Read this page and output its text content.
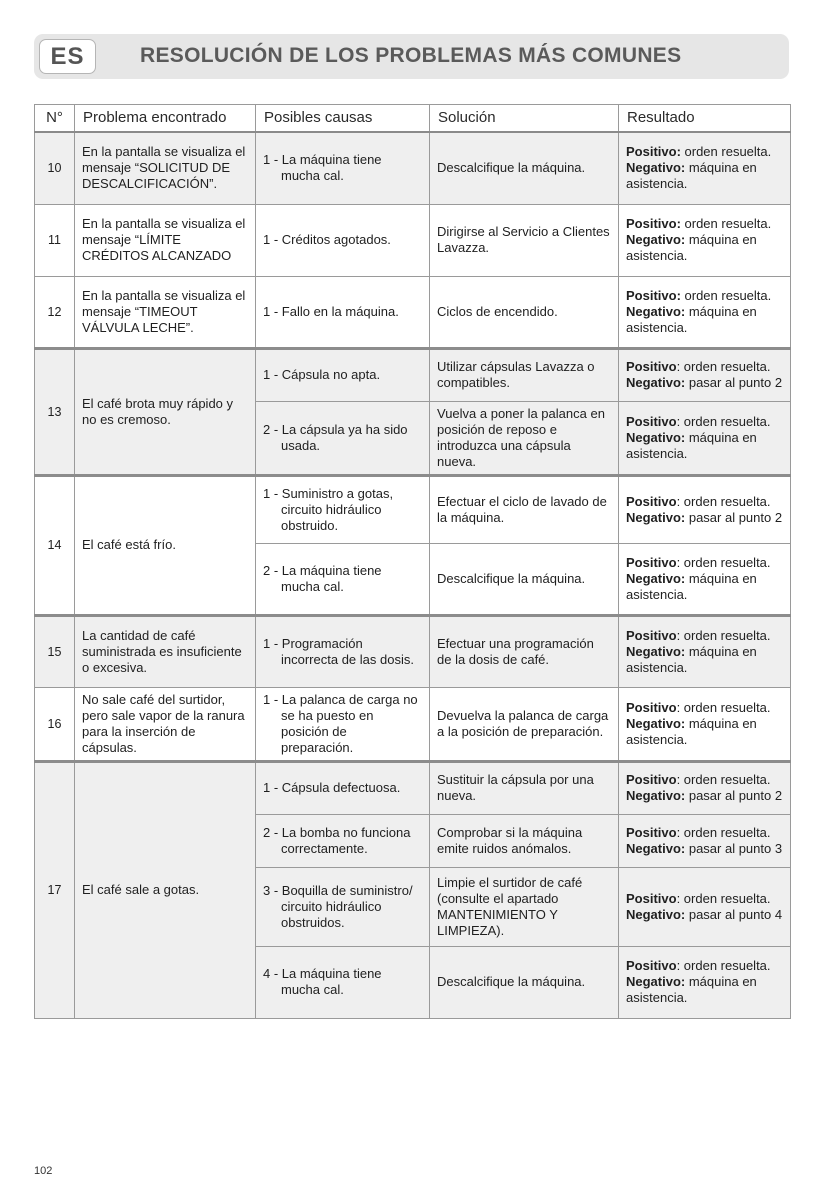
ES	RESOLUCIÓN DE LOS PROBLEMAS MÁS COMUNES
N°	Problema encontrado	Posibles causas	Solución	Resultado
10	En la pantalla se visualiza el mensaje “SOLICITUD DE DESCALCIFICACIÓN”.	1 - La máquina tiene mucha cal.	Descalcifique la máquina.	Positivo: orden resuelta.
Negativo: máquina en asistencia.

11	En la pantalla se visualiza el mensaje “LÍMITE CRÉDITOS ALCANZADO	1 - Créditos agotados.	Dirigirse al Servicio a Clientes Lavazza.	Positivo: orden resuelta.
Negativo: máquina en asistencia.

12	En la pantalla se visualiza el mensaje “TIMEOUT VÁLVULA LECHE”.	1 - Fallo en la máquina.	Ciclos de encendido.	Positivo: orden resuelta.
Negativo: máquina en asistencia.

13	El café brota muy rápido y no es cremoso.	1 - Cápsula no apta.	Utilizar cápsulas Lavazza o compatibles.	Positivo: orden resuelta.
Negativo: pasar al punto 2

		2 - La cápsula ya ha sido usada.	Vuelva a poner la palanca en posición de reposo e introduzca una cápsula nueva.	Positivo: orden resuelta.
Negativo: máquina en asistencia.

14	El café está frío.	1 - Suministro a gotas, circuito hidráulico obstruido.	Efectuar el ciclo de lavado de la máquina.	Positivo: orden resuelta.
Negativo: pasar al punto 2

		2 - La máquina tiene mucha cal.	Descalcifique la máquina.	Positivo: orden resuelta.
Negativo: máquina en asistencia.

15	La cantidad de café suministrada es insuficiente o excesiva.	1 - Programación incorrecta de las dosis.	Efectuar una programación de la dosis de café.	Positivo: orden resuelta.
Negativo: máquina en asistencia.

16	No sale café del surtidor, pero sale vapor de la ranura para la inserción de cápsulas.	1 - La palanca de carga no se ha puesto en posición de preparación.	Devuelva la palanca de carga a la posición de preparación.	Positivo: orden resuelta.
Negativo: máquina en asistencia.

17	El café sale a gotas.	1 - Cápsula defectuosa.	Sustituir la cápsula por una nueva.	Positivo: orden resuelta.
Negativo: pasar al punto 2

		2 - La bomba no funciona correctamente.	Comprobar si la máquina emite ruidos anómalos.	Positivo: orden resuelta.
Negativo: pasar al punto 3

		3 - Boquilla de suministro/ circuito hidráulico obstruidos.	Limpie el surtidor de café (consulte el apartado MANTENIMIENTO Y LIMPIEZA).	Positivo: orden resuelta.
Negativo: pasar al punto 4

		4 - La máquina tiene mucha cal.	Descalcifique la máquina.	Positivo: orden resuelta.
Negativo: máquina en asistencia.
102
